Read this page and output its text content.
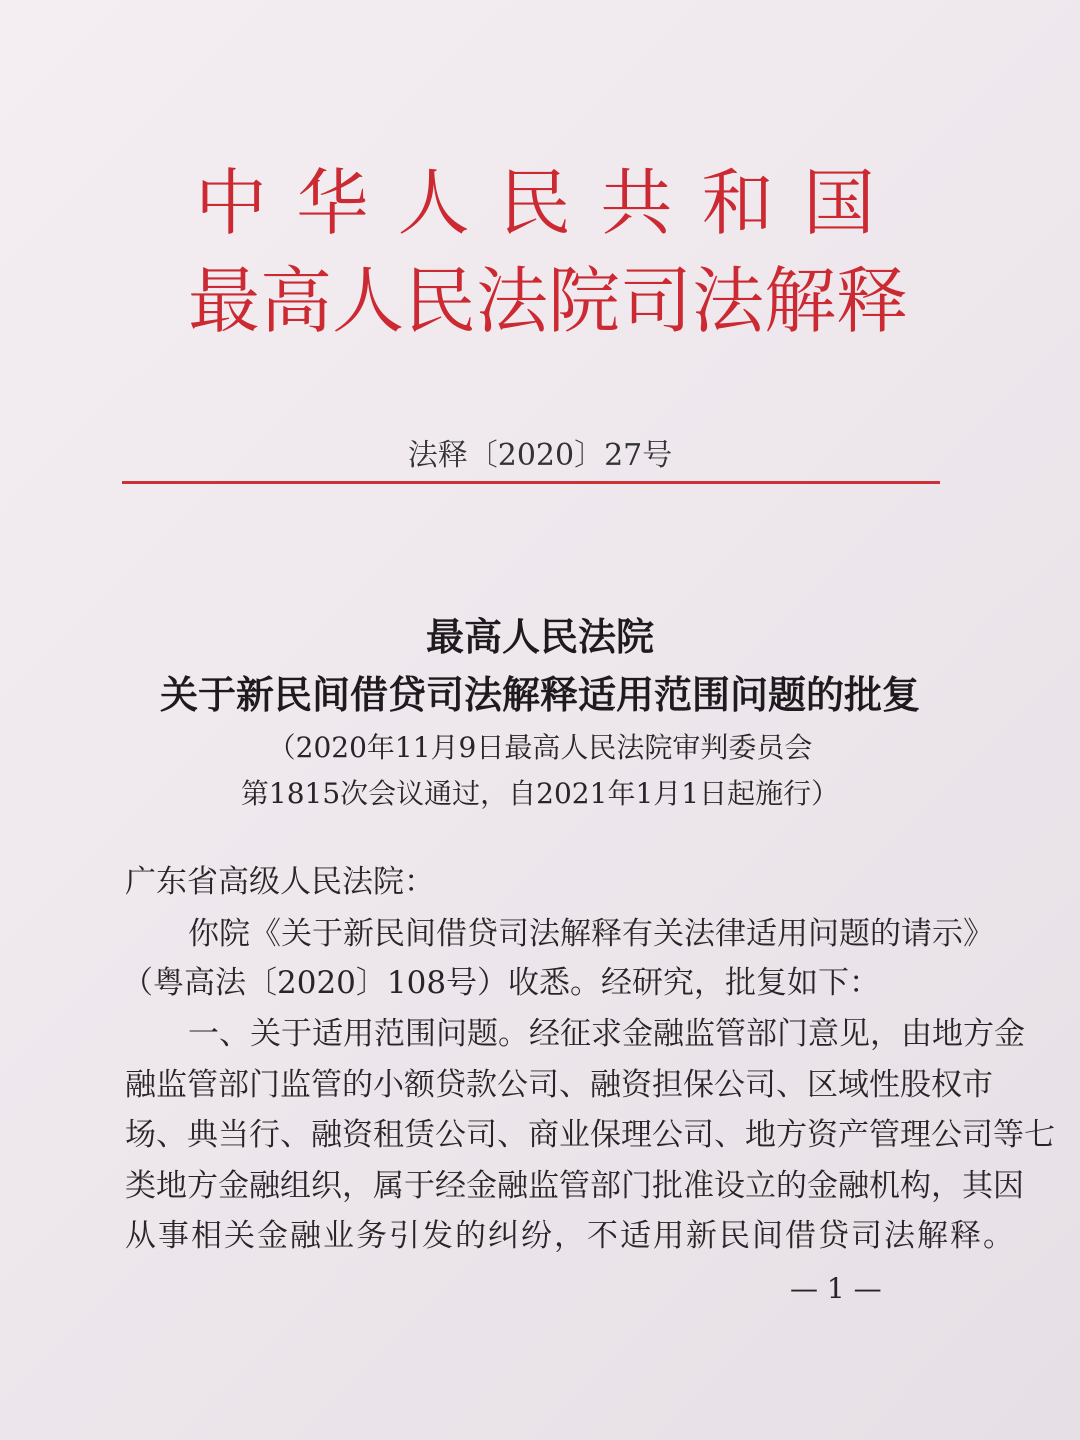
中华人民共和国
最高人民法院司法解释
法释〔2020〕27号
最高人民法院
关于新民间借贷司法解释适用范围问题的批复
（2020年11月9日最高人民法院审判委员会
第1815次会议通过，自2021年1月1日起施行）
广东省高级人民法院：
你院《关于新民间借贷司法解释有关法律适用问题的请示》
（粤高法〔2020〕108号）收悉。经研究，批复如下：
一、关于适用范围问题。经征求金融监管部门意见，由地方金
融监管部门监管的小额贷款公司、融资担保公司、区域性股权市
场、典当行、融资租赁公司、商业保理公司、地方资产管理公司等七
类地方金融组织，属于经金融监管部门批准设立的金融机构，其因
从事相关金融业务引发的纠纷，不适用新民间借贷司法解释。
— 1 —
